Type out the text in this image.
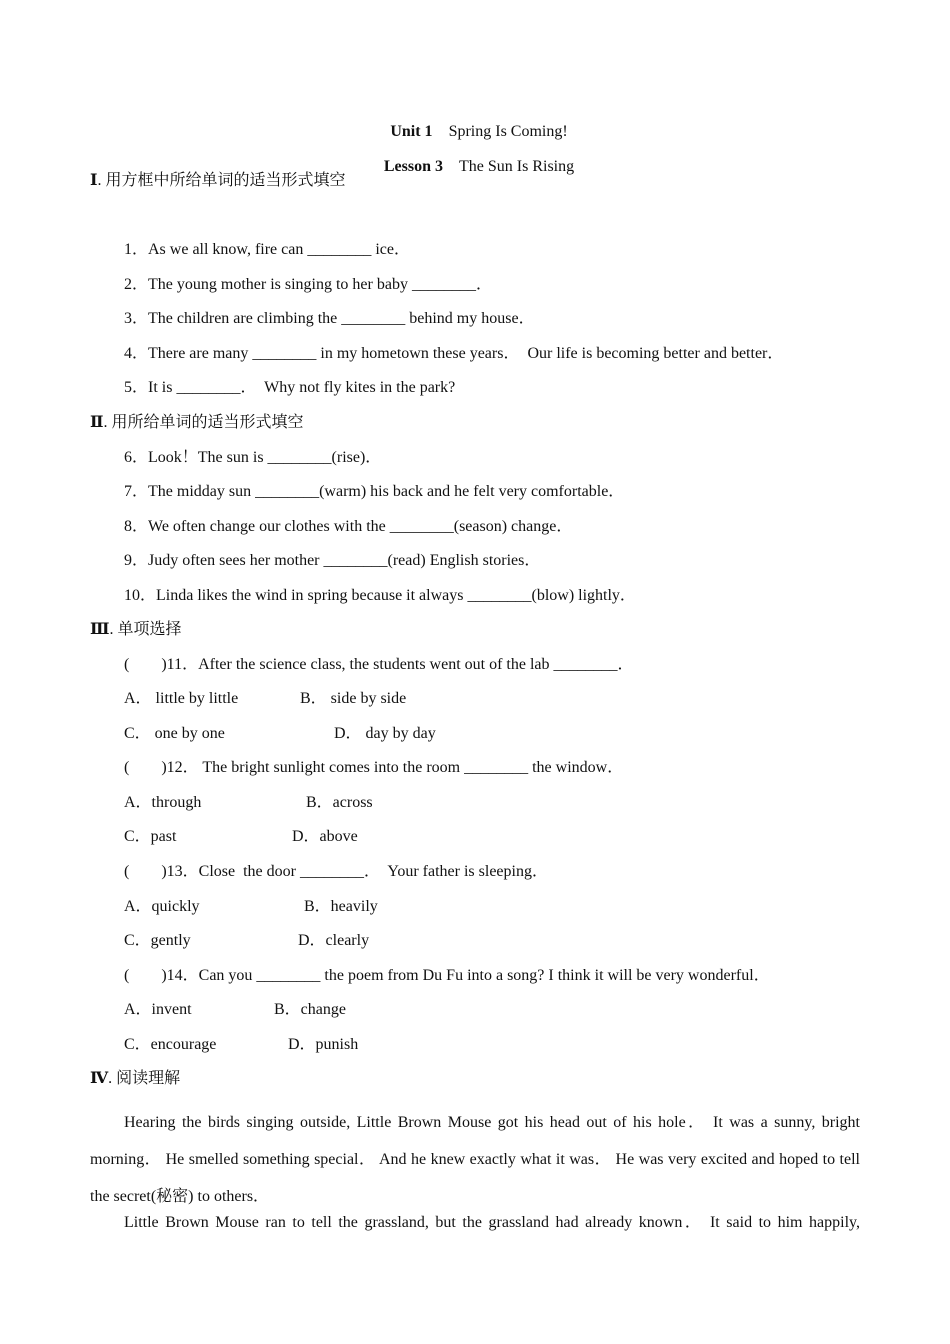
Unit 1　 Spring Is Coming!

Lesson 3　 The Sun Is Rising

Ⅰ. 用方框中所给单词的适当形式填空
1．As we all know, fire can ________ ice．
2．The young mother is singing to her baby ________．
3．The children are climbing the ________ behind my house．
4．There are many ________ in my hometown these years．  Our life is becoming better and better．
5．It is ________．  Why not fly kites in the park?
Ⅱ. 用所给单词的适当形式填空
6．Look！The sun is ________(rise)．
7．The midday sun ________(warm) his back and he felt very comfortable．
8．We often change our clothes with the ________(season) change．
9．Judy often sees her mother ________(read) English stories．
10．Linda likes the wind in spring because it always ________(blow) lightly．
Ⅲ. 单项选择
(　　)11．After the science class, the students went out of the lab ________．
A． little by little	B． side by side
C． one by one	D． day by day
(　　)12． The bright sunlight comes into the room ________ the window．
A．through	B．across
C．past	D．above
(　　)13．Close  the door ________．  Your father is sleeping．
A．quickly	B．heavily
C．gently	D．clearly
(　　)14．Can you ________ the poem from Du Fu into a song? I think it will be very wonderful．
A．invent	B．change
C．encourage	D．punish
Ⅳ. 阅读理解
Hearing the birds singing outside, Little Brown Mouse got his head out of his hole． It was a sunny, bright morning． He smelled something special． And he knew exactly what it was． He was very excited and hoped to tell the secret(秘密) to others．
Little Brown Mouse ran to tell the grassland, but the grassland had already known． It said to him happily,
